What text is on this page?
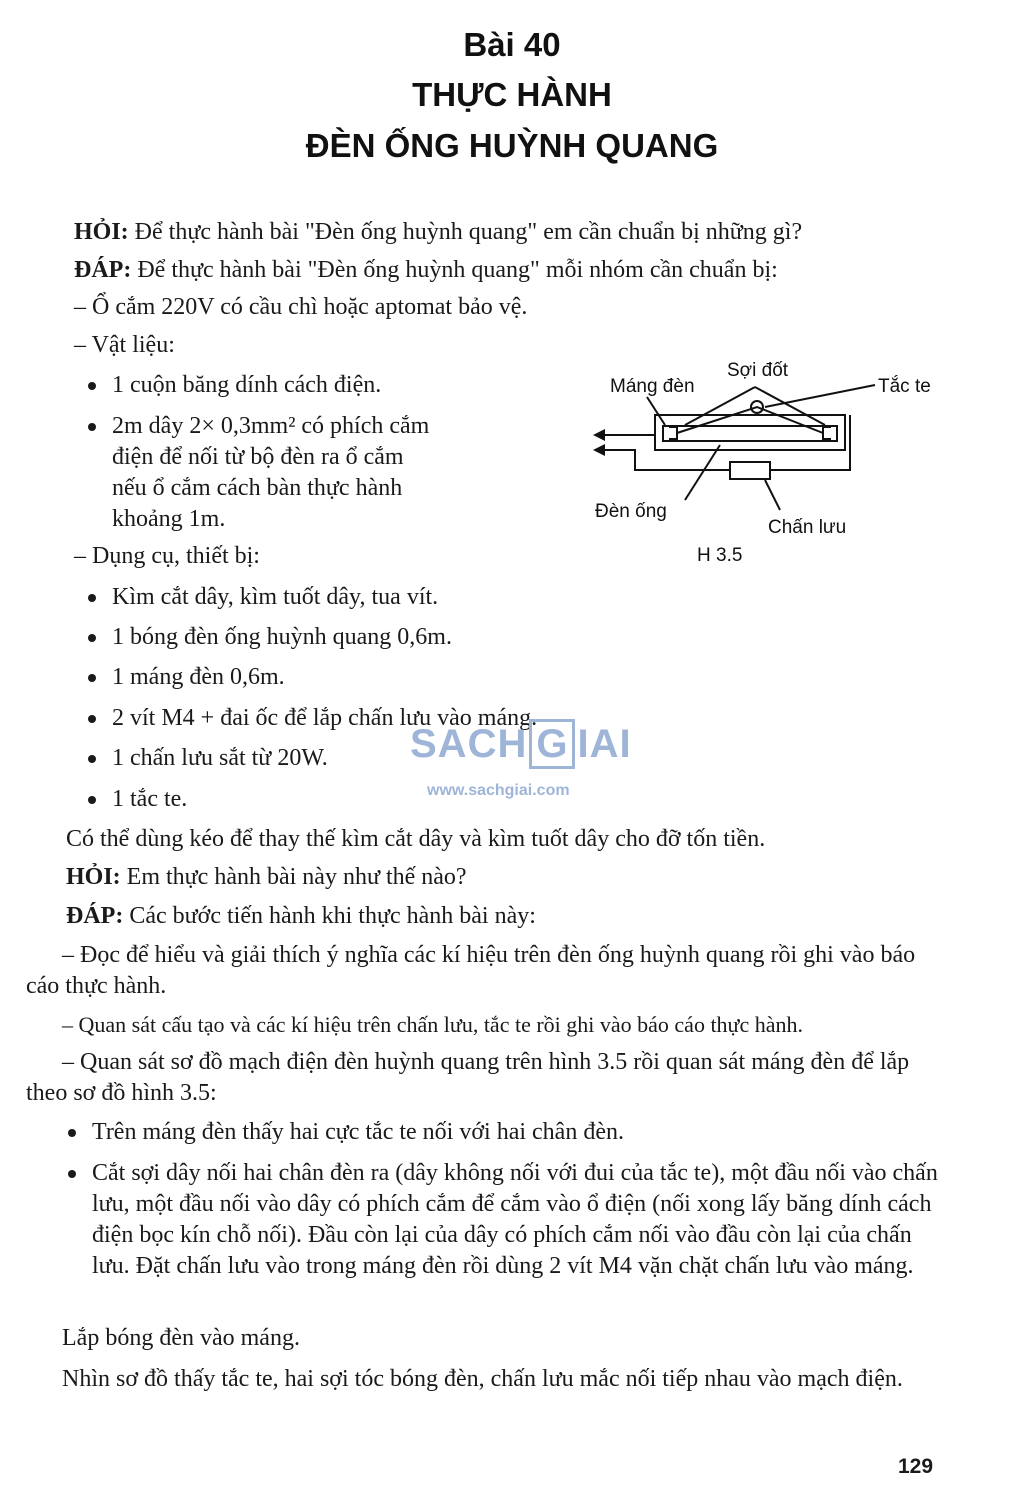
Bài 40
THỰC HÀNH
ĐÈN ỐNG HUỲNH QUANG
HỎI: Để thực hành bài "Đèn ống huỳnh quang" em cần chuẩn bị những gì?
ĐÁP: Để thực hành bài "Đèn ống huỳnh quang" mỗi nhóm cần chuẩn bị:
– Ổ cắm 220V có cầu chì hoặc aptomat bảo vệ.
– Vật liệu:
1 cuộn băng dính cách điện.
2m dây 2× 0,3mm² có phích cắm
điện để nối từ bộ đèn ra ổ cắm
nếu ổ cắm cách bàn thực hành
khoảng 1m.
– Dụng cụ, thiết bị:
Kìm cắt dây, kìm tuốt dây, tua vít.
1 bóng đèn ống huỳnh quang 0,6m.
1 máng đèn 0,6m.
2 vít M4 + đai ốc để lắp chấn lưu vào máng.
1 chấn lưu sắt từ 20W.
1 tắc te.
SACH G IAI
www.sachgiai.com
Có thể dùng kéo để thay thế kìm cắt dây và kìm tuốt dây cho đỡ tốn tiền.
HỎI: Em thực hành bài này như thế nào?
ĐÁP: Các bước tiến hành khi thực hành bài này:
– Đọc để hiểu và giải thích ý nghĩa các kí hiệu trên đèn ống huỳnh quang rồi ghi vào báo cáo thực hành.
– Quan sát cấu tạo và các kí hiệu trên chấn lưu, tắc te rồi ghi vào báo cáo thực hành.
– Quan sát sơ đồ mạch điện đèn huỳnh quang trên hình 3.5 rồi quan sát máng đèn để lắp theo sơ đồ hình 3.5:
Trên máng đèn thấy hai cực tắc te nối với hai chân đèn.
Cắt sợi dây nối hai chân đèn ra (dây không nối với đui của tắc te), một đầu nối vào chấn lưu, một đầu nối vào dây có phích cắm để cắm vào ổ điện (nối xong lấy băng dính cách điện bọc kín chỗ nối). Đầu còn lại của dây có phích cắm nối vào đầu còn lại của chấn lưu. Đặt chấn lưu vào trong máng đèn rồi dùng 2 vít M4 vặn chặt chấn lưu vào máng.
Lắp bóng đèn vào máng.
Nhìn sơ đồ thấy tắc te, hai sợi tóc bóng đèn, chấn lưu mắc nối tiếp nhau vào mạch điện.
Máng đèn
Sợi đốt
Tắc te
Đèn ống
Chấn lưu
H 3.5
129
